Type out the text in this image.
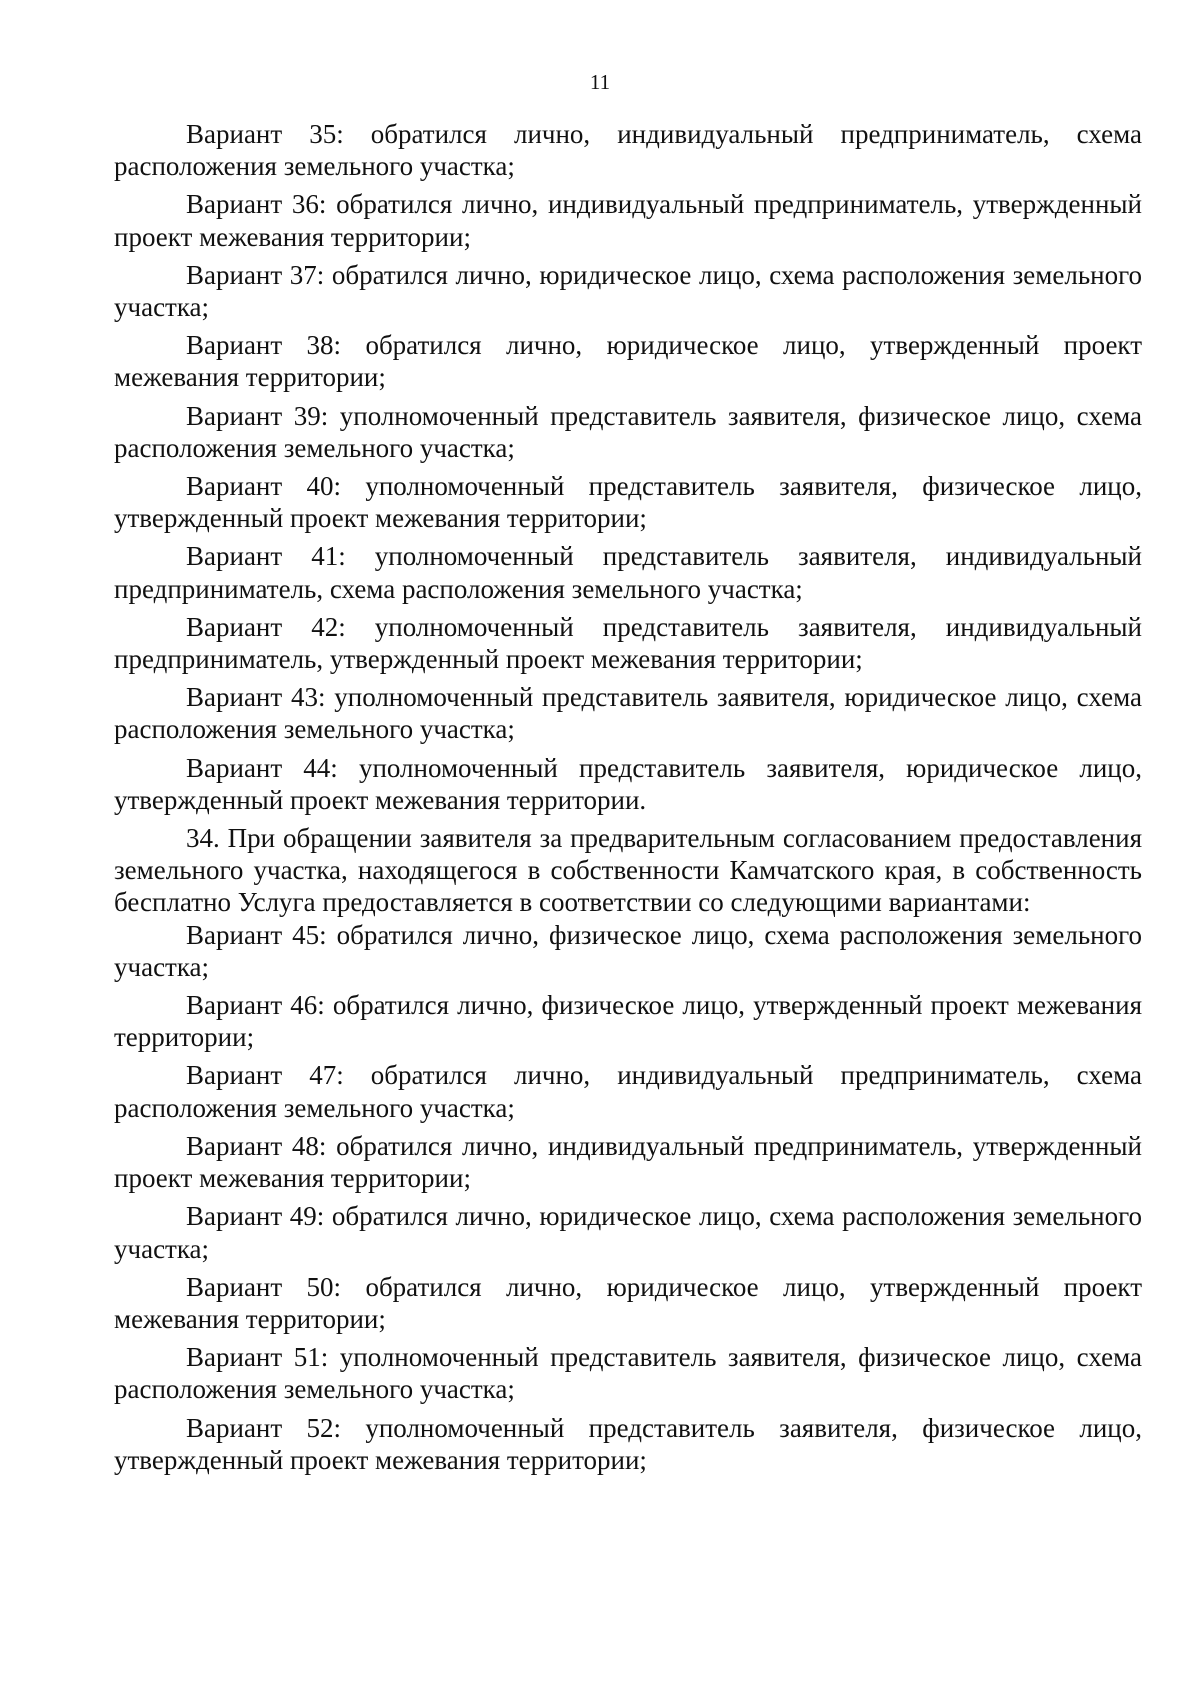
11

Вариант 35: обратился лично, индивидуальный предприниматель, схема расположения земельного участка;

Вариант 36: обратился лично, индивидуальный предприниматель, утвержденный проект межевания территории;

Вариант 37: обратился лично, юридическое лицо, схема расположения земельного участка;

Вариант 38: обратился лично, юридическое лицо, утвержденный проект межевания территории;

Вариант 39: уполномоченный представитель заявителя, физическое лицо, схема расположения земельного участка;

Вариант 40: уполномоченный представитель заявителя, физическое лицо, утвержденный проект межевания территории;

Вариант 41: уполномоченный представитель заявителя, индивидуальный предприниматель, схема расположения земельного участка;

Вариант 42: уполномоченный представитель заявителя, индивидуальный предприниматель, утвержденный проект межевания территории;

Вариант 43: уполномоченный представитель заявителя, юридическое лицо, схема расположения земельного участка;

Вариант 44: уполномоченный представитель заявителя, юридическое лицо, утвержденный проект межевания территории.

34. При обращении заявителя за предварительным согласованием предоставления земельного участка, находящегося в собственности Камчатского края, в собственность бесплатно Услуга предоставляется в соответствии со следующими вариантами:

Вариант 45: обратился лично, физическое лицо, схема расположения земельного участка;

Вариант 46: обратился лично, физическое лицо, утвержденный проект межевания территории;

Вариант 47: обратился лично, индивидуальный предприниматель, схема расположения земельного участка;

Вариант 48: обратился лично, индивидуальный предприниматель, утвержденный проект межевания территории;

Вариант 49: обратился лично, юридическое лицо, схема расположения земельного участка;

Вариант 50: обратился лично, юридическое лицо, утвержденный проект межевания территории;

Вариант 51: уполномоченный представитель заявителя, физическое лицо, схема расположения земельного участка;

Вариант 52: уполномоченный представитель заявителя, физическое лицо, утвержденный проект межевания территории;
